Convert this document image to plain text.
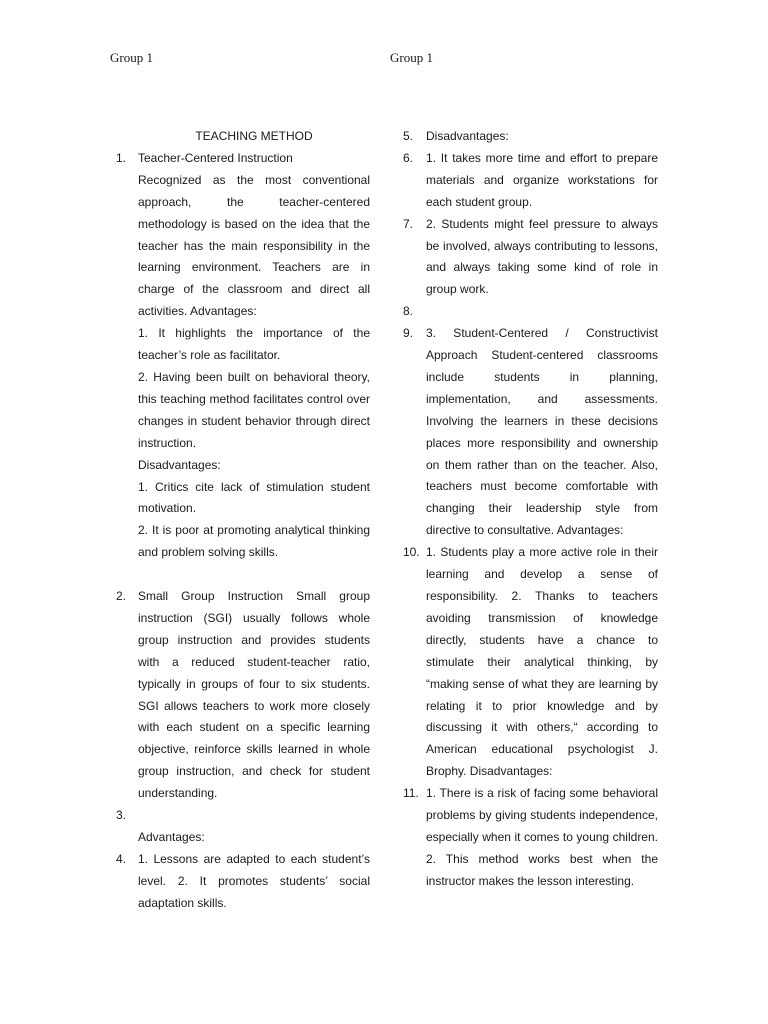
Group 1	Group 1
TEACHING METHOD
1. Teacher-Centered Instruction
Recognized as the most conventional approach, the teacher-centered methodology is based on the idea that the teacher has the main responsibility in the learning environment. Teachers are in charge of the classroom and direct all activities. Advantages:
1. It highlights the importance of the teacher’s role as facilitator.
2. Having been built on behavioral theory, this teaching method facilitates control over changes in student behavior through direct instruction.
Disadvantages:
1. Critics cite lack of stimulation student motivation.
2. It is poor at promoting analytical thinking and problem solving skills.
2. Small Group Instruction Small group instruction (SGI) usually follows whole group instruction and provides students with a reduced student-teacher ratio, typically in groups of four to six students. SGI allows teachers to work more closely with each student on a specific learning objective, reinforce skills learned in whole group instruction, and check for student understanding.
3.
Advantages:
4. 1. Lessons are adapted to each student’s level. 2. It promotes students’ social adaptation skills.
5. Disadvantages:
6. 1. It takes more time and effort to prepare materials and organize workstations for each student group.
7. 2. Students might feel pressure to always be involved, always contributing to lessons, and always taking some kind of role in group work.
8.
9. 3. Student-Centered / Constructivist Approach Student-centered classrooms include students in planning, implementation, and assessments. Involving the learners in these decisions places more responsibility and ownership on them rather than on the teacher. Also, teachers must become comfortable with changing their leadership style from directive to consultative. Advantages:
10. 1. Students play a more active role in their learning and develop a sense of responsibility. 2. Thanks to teachers avoiding transmission of knowledge directly, students have a chance to stimulate their analytical thinking, by “making sense of what they are learning by relating it to prior knowledge and by discussing it with others,“ according to American educational psychologist J. Brophy. Disadvantages:
11. 1. There is a risk of facing some behavioral problems by giving students independence, especially when it comes to young children. 2. This method works best when the instructor makes the lesson interesting.
